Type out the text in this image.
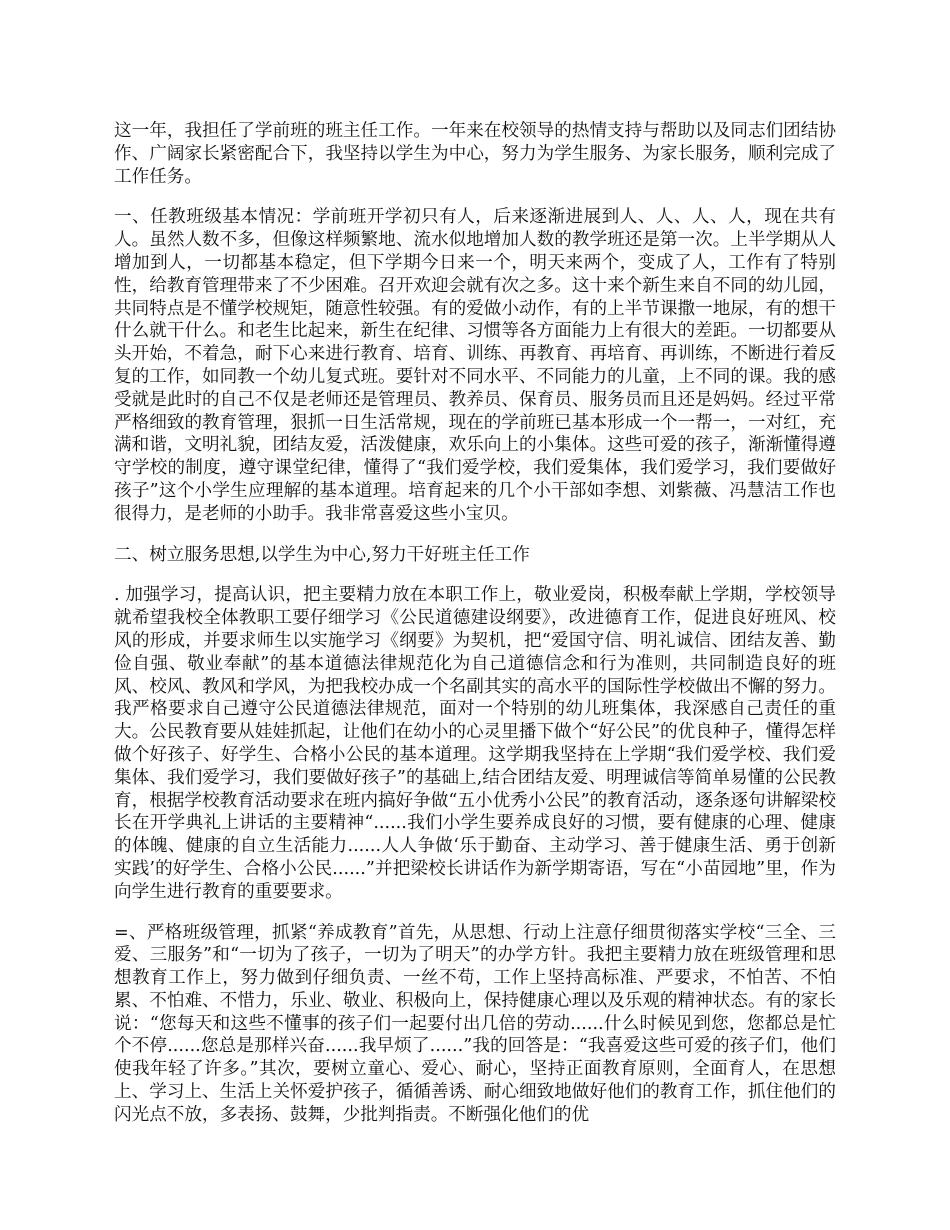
这一年，我担任了学前班的班主任工作。一年来在校领导的热情支持与帮助以及同志们团结协作、广阔家长紧密配合下，我坚持以学生为中心，努力为学生服务、为家长服务，顺利完成了工作任务。

一、任教班级基本情况：学前班开学初只有人，后来逐渐进展到人、人、人、人，现在共有人。虽然人数不多，但像这样频繁地、流水似地增加人数的教学班还是第一次。上半学期从人增加到人，一切都基本稳定，但下学期今日来一个，明天来两个，变成了人，工作有了特别性，给教育管理带来了不少困难。召开欢迎会就有次之多。这十来个新生来自不同的幼儿园，共同特点是不懂学校规矩，随意性较强。有的爱做小动作，有的上半节课撒一地尿，有的想干什么就干什么。和老生比起来，新生在纪律、习惯等各方面能力上有很大的差距。一切都要从头开始，不着急，耐下心来进行教育、培育、训练、再教育、再培育、再训练，不断进行着反复的工作，如同教一个幼儿复式班。要针对不同水平、不同能力的儿童，上不同的课。我的感受就是此时的自己不仅是老师还是管理员、教养员、保育员、服务员而且还是妈妈。经过平常严格细致的教育管理，狠抓一日生活常规，现在的学前班已基本形成一个一帮一，一对红，充满和谐，文明礼貌，团结友爱，活泼健康，欢乐向上的小集体。这些可爱的孩子，渐渐懂得遵守学校的制度，遵守课堂纪律，懂得了“我们爱学校，我们爱集体，我们爱学习，我们要做好孩子”这个小学生应理解的基本道理。培育起来的几个小干部如李想、刘紫薇、冯慧洁工作也很得力，是老师的小助手。我非常喜爱这些小宝贝。

二、树立服务思想,以学生为中心,努力干好班主任工作

. 加强学习，提高认识，把主要精力放在本职工作上，敬业爱岗，积极奉献上学期，学校领导就希望我校全体教职工要仔细学习《公民道德建设纲要》，改进德育工作，促进良好班风、校风的形成，并要求师生以实施学习《纲要》为契机，把“爱国守信、明礼诚信、团结友善、勤俭自强、敬业奉献”的基本道德法律规范化为自己道德信念和行为准则，共同制造良好的班风、校风、教风和学风，为把我校办成一个名副其实的高水平的国际性学校做出不懈的努力。我严格要求自己遵守公民道德法律规范，面对一个特别的幼儿班集体，我深感自己责任的重大。公民教育要从娃娃抓起，让他们在幼小的心灵里播下做个“好公民”的优良种子，懂得怎样做个好孩子、好学生、合格小公民的基本道理。这学期我坚持在上学期“我们爱学校、我们爱集体、我们爱学习，我们要做好孩子”的基础上,结合团结友爱、明理诚信等简单易懂的公民教育，根据学校教育活动要求在班内搞好争做“五小优秀小公民”的教育活动，逐条逐句讲解梁校长在开学典礼上讲话的主要精神“......我们小学生要养成良好的习惯，要有健康的心理、健康的体魄、健康的自立生活能力......人人争做‘乐于勤奋、主动学习、善于健康生活、勇于创新实践’的好学生、合格小公民......”并把梁校长讲话作为新学期寄语，写在“小苗园地”里，作为向学生进行教育的重要要求。

=、严格班级管理，抓紧“养成教育”首先，从思想、行动上注意仔细贯彻落实学校“三全、三爱、三服务”和“一切为了孩子，一切为了明天”的办学方针。我把主要精力放在班级管理和思想教育工作上，努力做到仔细负责、一丝不苟，工作上坚持高标准、严要求，不怕苦、不怕累、不怕难、不惜力，乐业、敬业、积极向上，保持健康心理以及乐观的精神状态。有的家长说：“您每天和这些不懂事的孩子们一起要付出几倍的劳动......什么时候见到您，您都总是忙个不停......您总是那样兴奋......我早烦了......”我的回答是：“我喜爱这些可爱的孩子们，他们使我年轻了许多。”其次，要树立童心、爱心、耐心，坚持正面教育原则，全面育人，在思想上、学习上、生活上关怀爱护孩子，循循善诱、耐心细致地做好他们的教育工作，抓住他们的闪光点不放，多表扬、鼓舞，少批判指责。不断强化他们的优
